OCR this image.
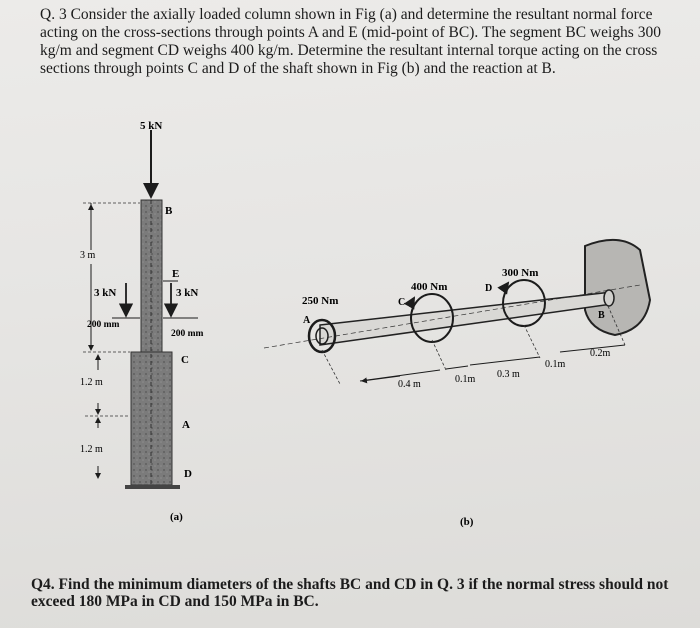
Q. 3 Consider the axially loaded column shown in Fig (a) and determine the resultant normal force acting on the cross-sections through points A and E (mid-point of BC). The segment BC weighs 300 kg/m and segment CD weighs 400 kg/m. Determine the resultant internal torque acting on the cross sections through points C and D of the shaft shown in Fig (b) and the reaction at B.

5 kN
B
E
C
A
D
3 kN	3 kN
200 mm
200 mm
3 m
1.2 m
1.2 m
(a)
250 Nm
A
400 Nm
C
300 Nm
D
B
0.4 m	0.1m 0.3 m
0.1m
0.2m
(b)

Q4. Find the minimum diameters of the shafts BC and CD in Q. 3 if the normal stress should not exceed 180 MPa in CD and 150 MPa in BC.
